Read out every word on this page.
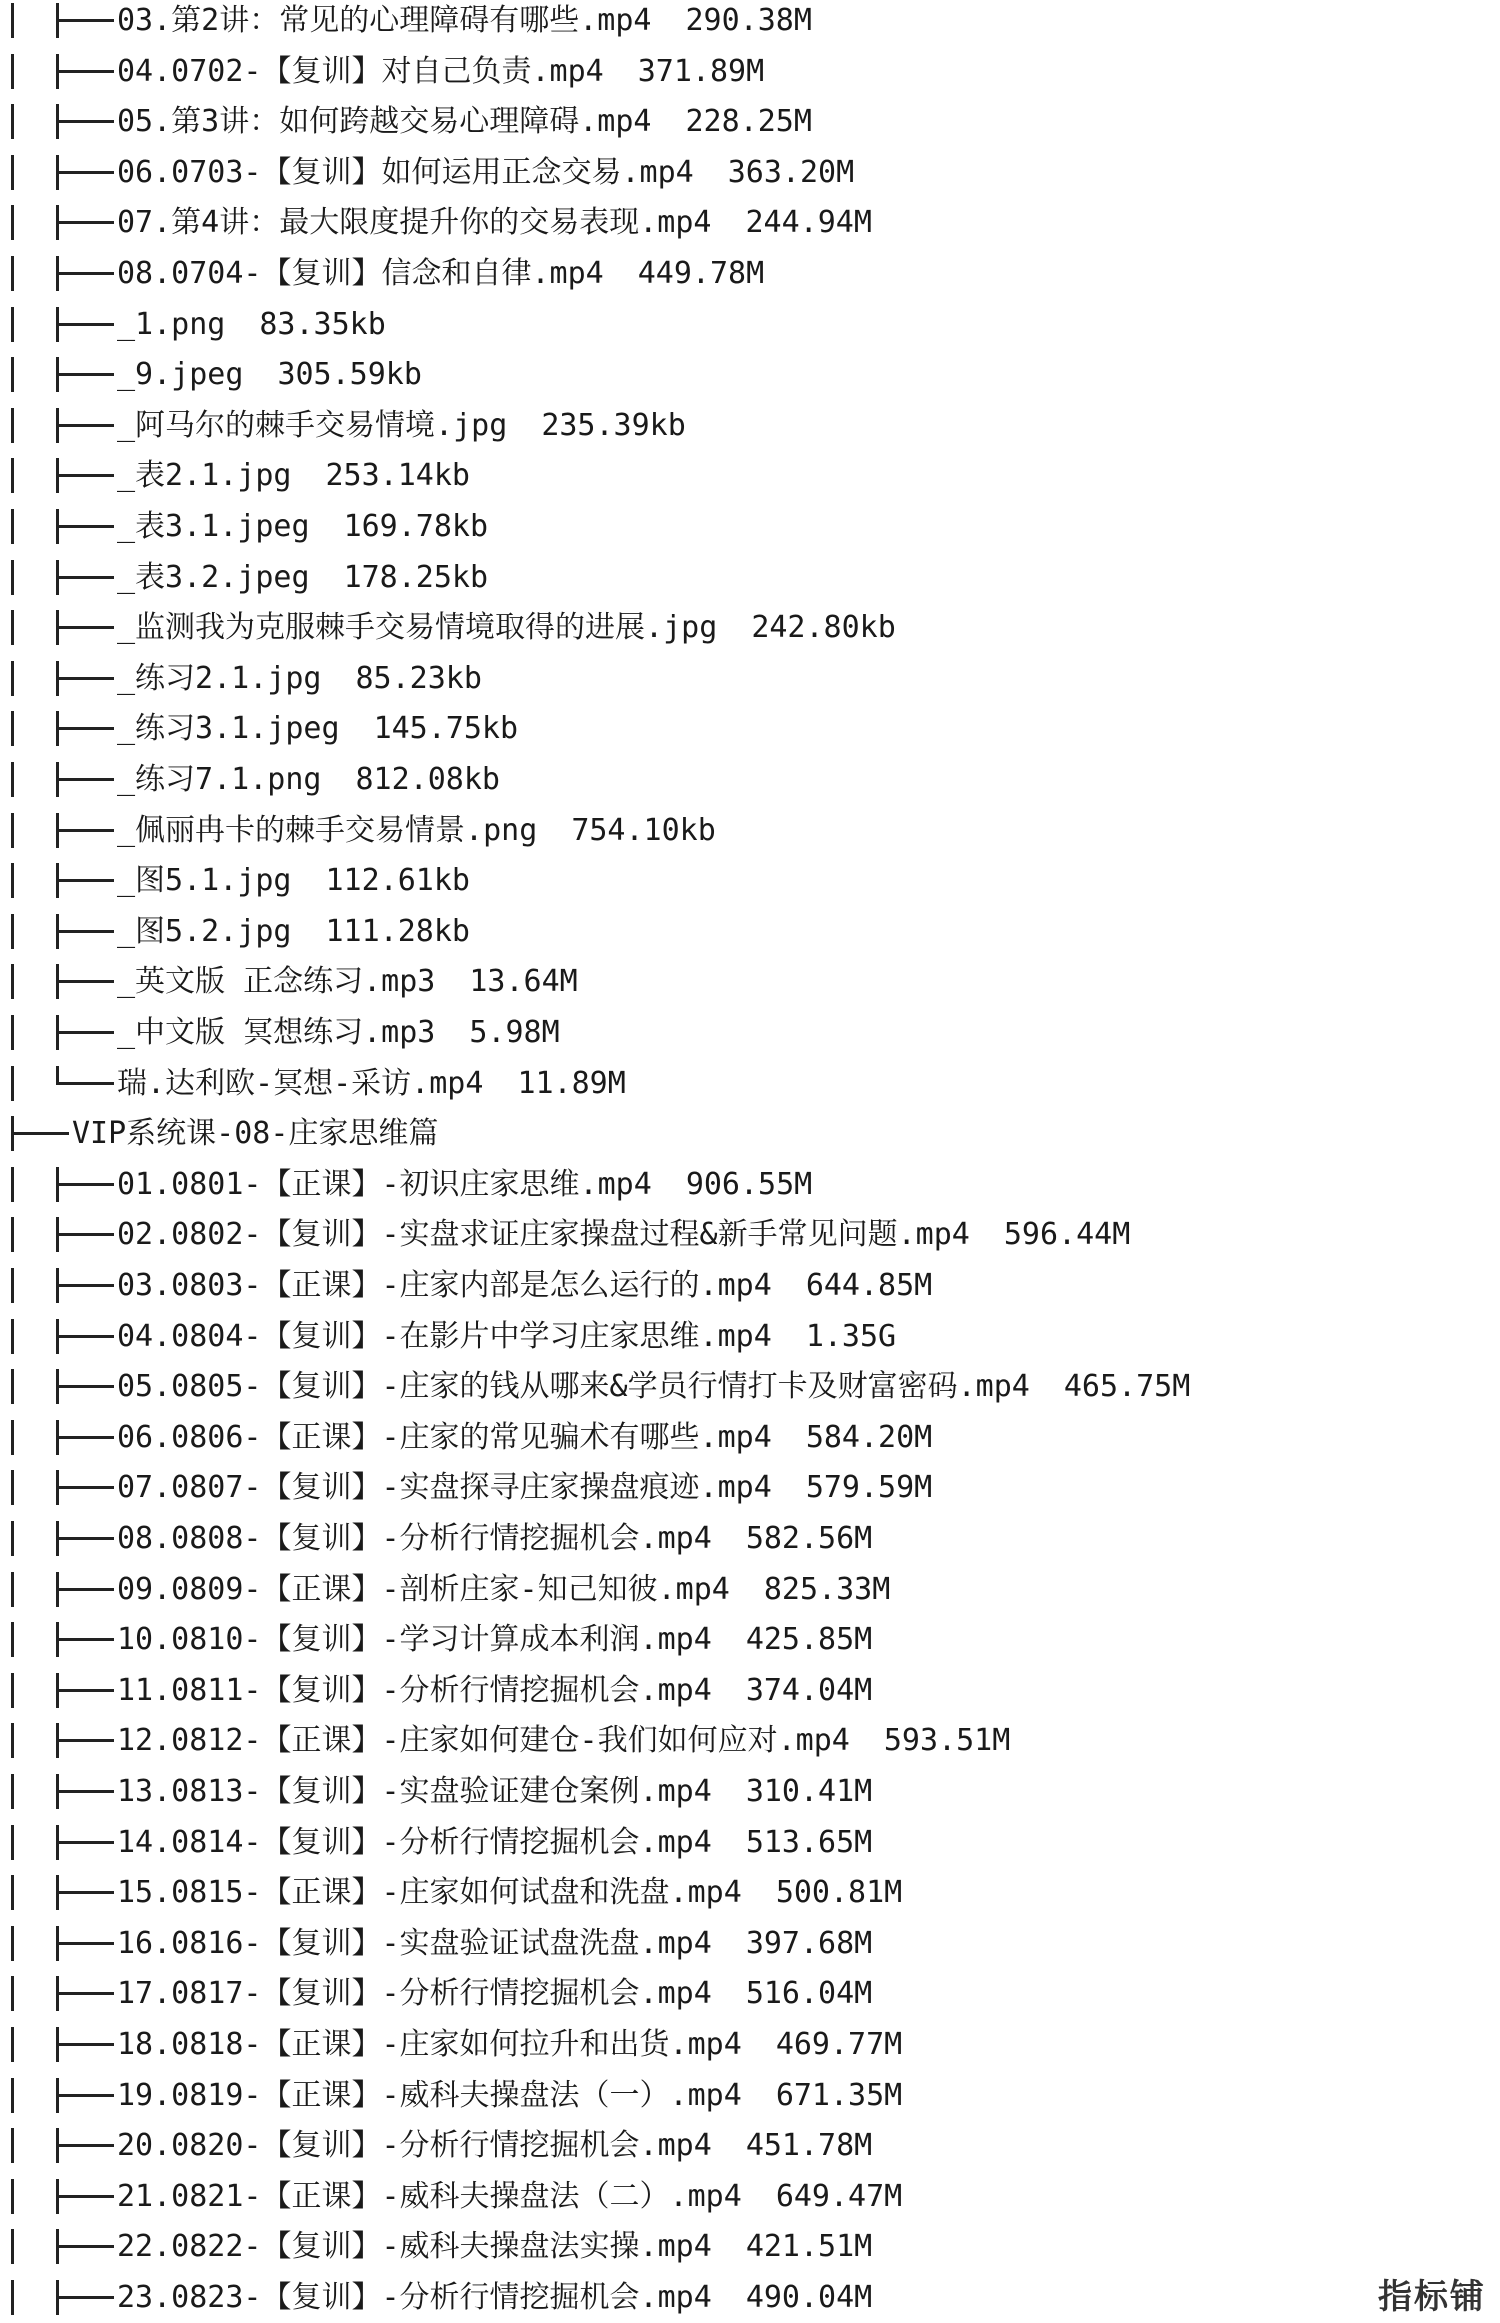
03.第2讲：常见的心理障碍有哪些.mp4 290.38M
04.0702-【复训】对自己负责.mp4 371.89M
05.第3讲：如何跨越交易心理障碍.mp4 228.25M
06.0703-【复训】如何运用正念交易.mp4 363.20M
07.第4讲：最大限度提升你的交易表现.mp4 244.94M
08.0704-【复训】信念和自律.mp4 449.78M
_1.png 83.35kb
_9.jpeg 305.59kb
_阿马尔的棘手交易情境.jpg 235.39kb
_表2.1.jpg 253.14kb
_表3.1.jpeg 169.78kb
_表3.2.jpeg 178.25kb
_监测我为克服棘手交易情境取得的进展.jpg 242.80kb
_练习2.1.jpg 85.23kb
_练习3.1.jpeg 145.75kb
_练习7.1.png 812.08kb
_佩丽冉卡的棘手交易情景.png 754.10kb
_图5.1.jpg 112.61kb
_图5.2.jpg 111.28kb
_英文版 正念练习.mp3 13.64M
_中文版 冥想练习.mp3 5.98M
瑞.达利欧-冥想-采访.mp4 11.89M
VIP系统课-08-庄家思维篇
01.0801-【正课】-初识庄家思维.mp4 906.55M
02.0802-【复训】-实盘求证庄家操盘过程&新手常见问题.mp4 596.44M
03.0803-【正课】-庄家内部是怎么运行的.mp4 644.85M
04.0804-【复训】-在影片中学习庄家思维.mp4 1.35G
05.0805-【复训】-庄家的钱从哪来&学员行情打卡及财富密码.mp4 465.75M
06.0806-【正课】-庄家的常见骗术有哪些.mp4 584.20M
07.0807-【复训】-实盘探寻庄家操盘痕迹.mp4 579.59M
08.0808-【复训】-分析行情挖掘机会.mp4 582.56M
09.0809-【正课】-剖析庄家-知己知彼.mp4 825.33M
10.0810-【复训】-学习计算成本利润.mp4 425.85M
11.0811-【复训】-分析行情挖掘机会.mp4 374.04M
12.0812-【正课】-庄家如何建仓-我们如何应对.mp4 593.51M
13.0813-【复训】-实盘验证建仓案例.mp4 310.41M
14.0814-【复训】-分析行情挖掘机会.mp4 513.65M
15.0815-【正课】-庄家如何试盘和洗盘.mp4 500.81M
16.0816-【复训】-实盘验证试盘洗盘.mp4 397.68M
17.0817-【复训】-分析行情挖掘机会.mp4 516.04M
18.0818-【正课】-庄家如何拉升和出货.mp4 469.77M
19.0819-【正课】-威科夫操盘法（一）.mp4 671.35M
20.0820-【复训】-分析行情挖掘机会.mp4 451.78M
21.0821-【正课】-威科夫操盘法（二）.mp4 649.47M
22.0822-【复训】-威科夫操盘法实操.mp4 421.51M
23.0823-【复训】-分析行情挖掘机会.mp4 490.04M	指标铺
